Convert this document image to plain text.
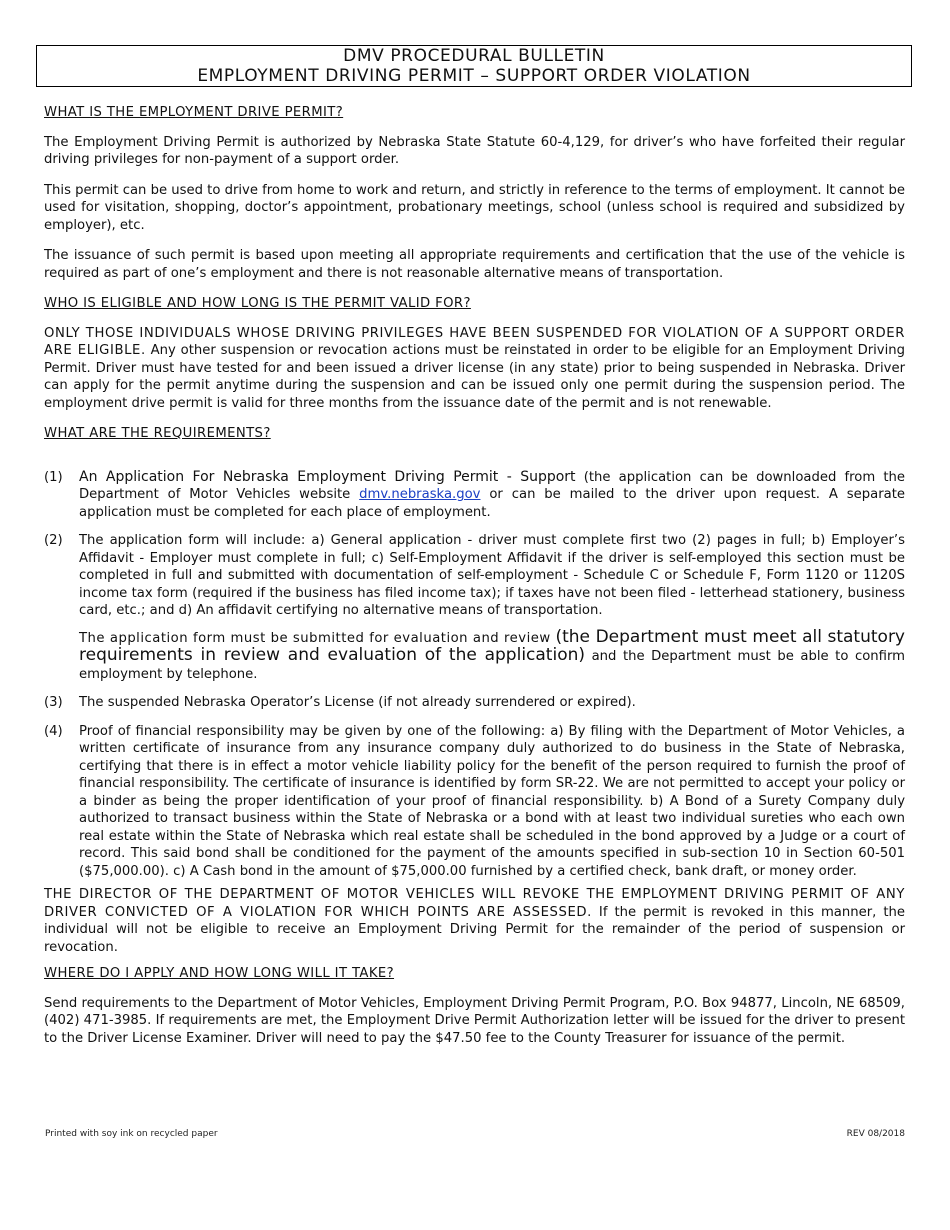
DMV PROCEDURAL BULLETIN
EMPLOYMENT DRIVING PERMIT – SUPPORT ORDER VIOLATION
WHAT IS THE EMPLOYMENT DRIVE PERMIT?

The Employment Driving Permit is authorized by Nebraska State Statute 60-4,129, for driver’s who have forfeited their regular driving privileges for non-payment of a support order.

This permit can be used to drive from home to work and return, and strictly in reference to the terms of employment. It cannot be used for visitation, shopping, doctor’s appointment, probationary meetings, school (unless school is required and subsidized by employer), etc.

The issuance of such permit is based upon meeting all appropriate requirements and certification that the use of the vehicle is required as part of one’s employment and there is not reasonable alternative means of transportation.

WHO IS ELIGIBLE AND HOW LONG IS THE PERMIT VALID FOR?

ONLY THOSE INDIVIDUALS WHOSE DRIVING PRIVILEGES HAVE BEEN SUSPENDED FOR VIOLATION OF A SUPPORT ORDER ARE ELIGIBLE. Any other suspension or revocation actions must be reinstated in order to be eligible for an Employment Driving Permit. Driver must have tested for and been issued a driver license (in any state) prior to being suspended in Nebraska. Driver can apply for the permit anytime during the suspension and can be issued only one permit during the suspension period. The employment drive permit is valid for three months from the issuance date of the permit and is not renewable.

WHAT ARE THE REQUIREMENTS?
(1)	An Application For Nebraska Employment Driving Permit - Support (the application can be downloaded from the Department of Motor Vehicles website dmv.nebraska.gov or can be mailed to the driver upon request. A separate application must be completed for each place of employment.
(2)	The application form will include: a) General application - driver must complete first two (2) pages in full; b) Employer’s Affidavit - Employer must complete in full; c) Self-Employment Affidavit if the driver is self-employed this section must be completed in full and submitted with documentation of self-employment - Schedule C or Schedule F, Form 1120 or 1120S income tax form (required if the business has filed income tax); if taxes have not been filed - letterhead stationery, business card, etc.; and d) An affidavit certifying no alternative means of transportation.

The application form must be submitted for evaluation and review (the Department must meet all statutory requirements in review and evaluation of the application) and the Department must be able to confirm employment by telephone.

(3)	The suspended Nebraska Operator’s License (if not already surrendered or expired).
(4)	Proof of financial responsibility may be given by one of the following: a) By filing with the Department of Motor Vehicles, a written certificate of insurance from any insurance company duly authorized to do business in the State of Nebraska, certifying that there is in effect a motor vehicle liability policy for the benefit of the person required to furnish the proof of financial responsibility. The certificate of insurance is identified by form SR-22. We are not permitted to accept your policy or a binder as being the proper identification of your proof of financial responsibility. b) A Bond of a Surety Company duly authorized to transact business within the State of Nebraska or a bond with at least two individual sureties who each own real estate within the State of Nebraska which real estate shall be scheduled in the bond approved by a Judge or a court of record. This said bond shall be conditioned for the payment of the amounts specified in sub-section 10 in Section 60-501 ($75,000.00). c) A Cash bond in the amount of $75,000.00 furnished by a certified check, bank draft, or money order.

THE DIRECTOR OF THE DEPARTMENT OF MOTOR VEHICLES WILL REVOKE THE EMPLOYMENT DRIVING PERMIT OF ANY DRIVER CONVICTED OF A VIOLATION FOR WHICH POINTS ARE ASSESSED. If the permit is revoked in this manner, the individual will not be eligible to receive an Employment Driving Permit for the remainder of the period of suspension or revocation.

WHERE DO I APPLY AND HOW LONG WILL IT TAKE?

Send requirements to the Department of Motor Vehicles, Employment Driving Permit Program, P.O. Box 94877, Lincoln, NE 68509, (402) 471-3985. If requirements are met, the Employment Drive Permit Authorization letter will be issued for the driver to present to the Driver License Examiner. Driver will need to pay the $47.50 fee to the County Treasurer for issuance of the permit.

Printed with soy ink on recycled paper	REV 08/2018
